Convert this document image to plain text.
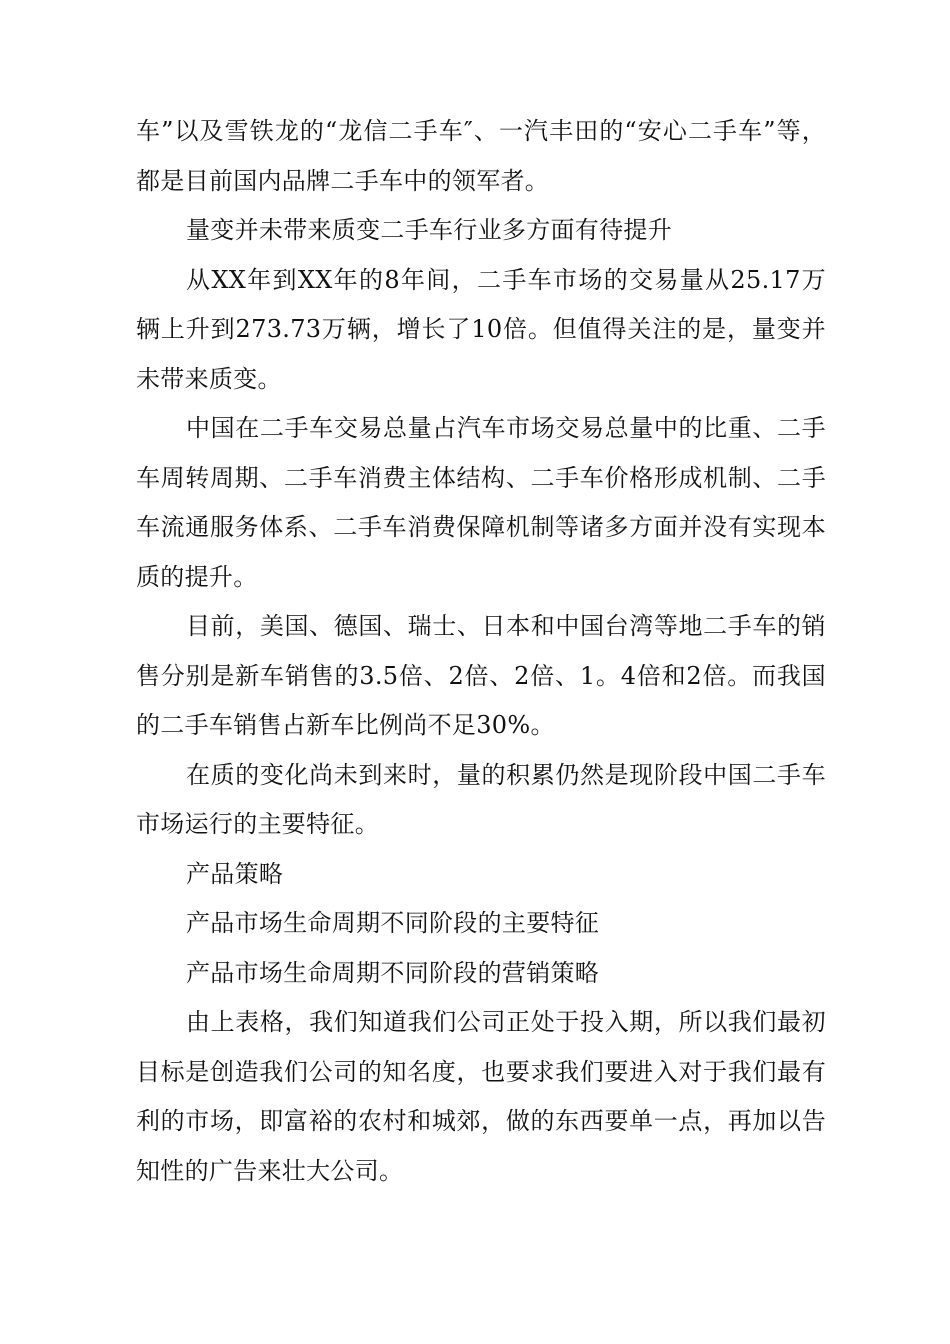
车”以及雪铁龙的“龙信二手车″、一汽丰田的“安心二手车”等，都是目前国内品牌二手车中的领军者。

量变并未带来质变二手车行业多方面有待提升

从XX年到XX年的8年间，二手车市场的交易量从25.17万辆上升到273.73万辆，增长了10倍。但值得关注的是，量变并未带来质变。

中国在二手车交易总量占汽车市场交易总量中的比重、二手车周转周期、二手车消费主体结构、二手车价格形成机制、二手车流通服务体系、二手车消费保障机制等诸多方面并没有实现本质的提升。

目前，美国、德国、瑞士、日本和中国台湾等地二手车的销售分别是新车销售的3.5倍、2倍、2倍、1。4倍和2倍。而我国的二手车销售占新车比例尚不足30%。

在质的变化尚未到来时，量的积累仍然是现阶段中国二手车市场运行的主要特征。

产品策略

产品市场生命周期不同阶段的主要特征

产品市场生命周期不同阶段的营销策略

由上表格，我们知道我们公司正处于投入期，所以我们最初目标是创造我们公司的知名度，也要求我们要进入对于我们最有利的市场，即富裕的农村和城郊，做的东西要单一点，再加以告知性的广告来壮大公司。
